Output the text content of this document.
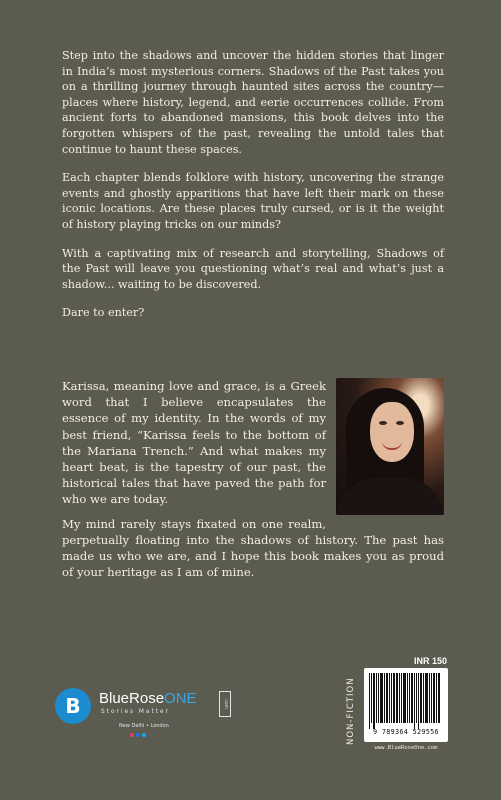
Step into the shadows and uncover the hidden stories that linger in India’s most mysterious corners. Shadows of the Past takes you on a thrilling journey through haunted sites across the country—places where history, legend, and eerie occurrences collide. From ancient forts to abandoned mansions, this book delves into the forgotten whispers of the past, revealing the untold tales that continue to haunt these spaces.

Each chapter blends folklore with history, uncovering the strange events and ghostly apparitions that have left their mark on these iconic locations. Are these places truly cursed, or is it the weight of history playing tricks on our minds?

With a captivating mix of research and storytelling, Shadows of the Past will leave you questioning what’s real and what’s just a shadow... waiting to be discovered.

Dare to enter?

Karissa, meaning love and grace, is a Greek word that I believe encapsulates the essence of my identity. In the words of my best friend, “Karissa feels to the bottom of the Mariana Trench.” And what makes my heart beat, is the tapestry of our past, the historical tales that have paved the path for who we are today.

My mind rarely stays fixated on one realm, perpetually floating into the shadows of history. The past has made us who we are, and I hope this book makes you as proud of your heritage as I am of mine.

B BlueRoseONE	.com
Stories Matter
New Delhi • London
INR 150
NON-FICTION	9 789364 529556
www.BlueRoseOne.com
